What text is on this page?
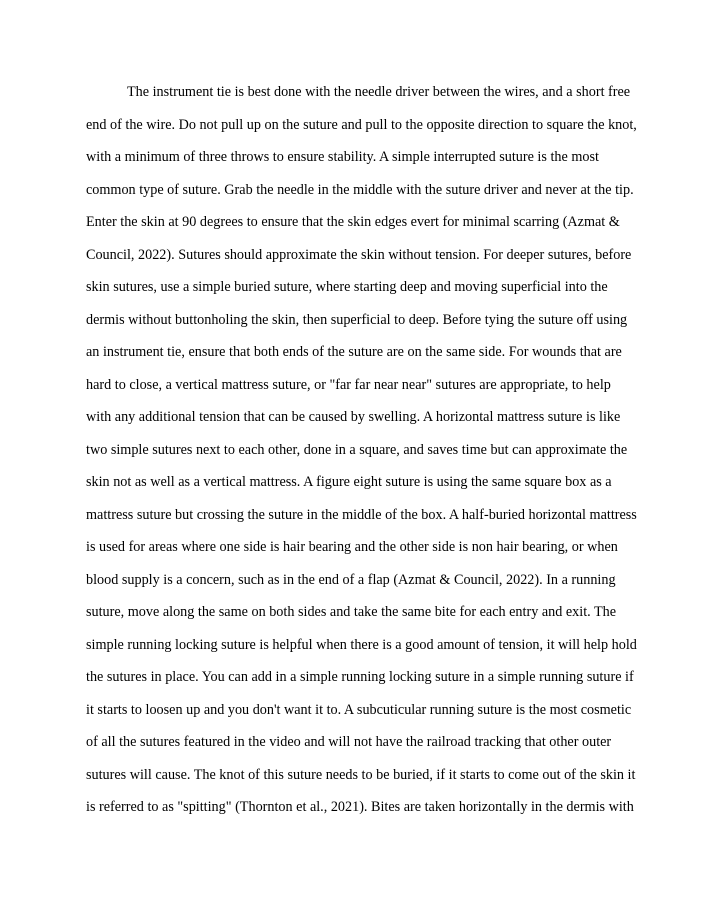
The instrument tie is best done with the needle driver between the wires, and a short free
end of the wire. Do not pull up on the suture and pull to the opposite direction to square the knot,
with a minimum of three throws to ensure stability. A simple interrupted suture is the most
common type of suture. Grab the needle in the middle with the suture driver and never at the tip.
Enter the skin at 90 degrees to ensure that the skin edges evert for minimal scarring (Azmat &
Council, 2022). Sutures should approximate the skin without tension. For deeper sutures, before
skin sutures, use a simple buried suture, where starting deep and moving superficial into the
dermis without buttonholing the skin, then superficial to deep. Before tying the suture off using
an instrument tie, ensure that both ends of the suture are on the same side. For wounds that are
hard to close, a vertical mattress suture, or "far far near near" sutures are appropriate, to help
with any additional tension that can be caused by swelling. A horizontal mattress suture is like
two simple sutures next to each other, done in a square, and saves time but can approximate the
skin not as well as a vertical mattress. A figure eight suture is using the same square box as a
mattress suture but crossing the suture in the middle of the box. A half-buried horizontal mattress
is used for areas where one side is hair bearing and the other side is non hair bearing, or when
blood supply is a concern, such as in the end of a flap (Azmat & Council, 2022). In a running
suture, move along the same on both sides and take the same bite for each entry and exit. The
simple running locking suture is helpful when there is a good amount of tension, it will help hold
the sutures in place. You can add in a simple running locking suture in a simple running suture if
it starts to loosen up and you don't want it to. A subcuticular running suture is the most cosmetic
of all the sutures featured in the video and will not have the railroad tracking that other outer
sutures will cause. The knot of this suture needs to be buried, if it starts to come out of the skin it
is referred to as "spitting" (Thornton et al., 2021). Bites are taken horizontally in the dermis with
